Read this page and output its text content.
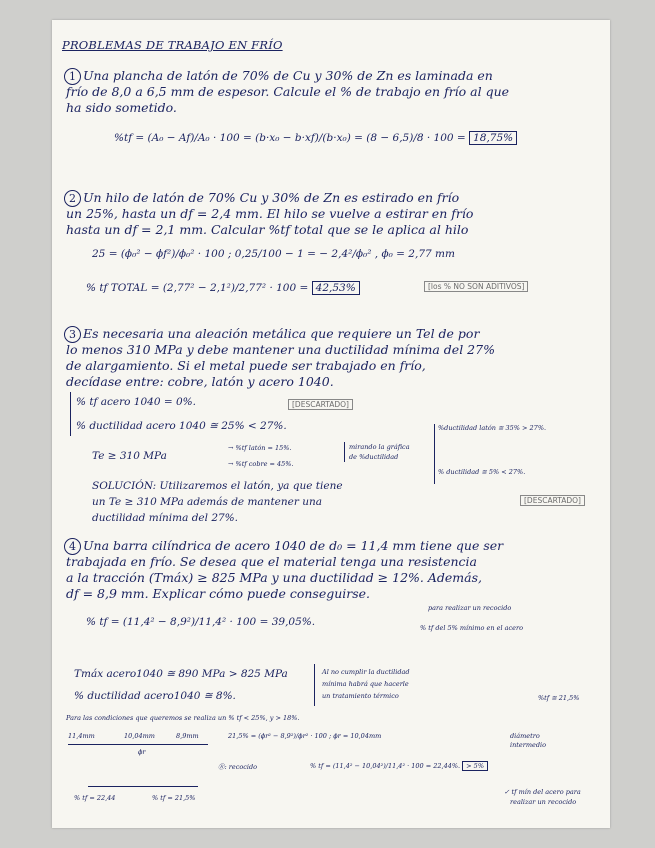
PROBLEMAS DE TRABAJO EN FRÍO
1 Una plancha de latón de 70% de Cu y 30% de Zn es laminada en
frío de 8,0 a 6,5 mm de espesor. Calcule el % de trabajo en frío al que
ha sido sometido.
%tf = (A₀ − Af)/A₀ · 100 = (b·x₀ − b·xf)/(b·x₀) = (8 − 6,5)/8 · 100 = 18,75%
2 Un hilo de latón de 70% Cu y 30% de Zn es estirado en frío
un 25%, hasta un df = 2,4 mm. El hilo se vuelve a estirar en frío
hasta un df = 2,1 mm. Calcular %tf total que se le aplica al hilo
25 = (ϕ₀² − ϕf²)/ϕ₀² · 100 ; 0,25/100 − 1 = − 2,4²/ϕ₀² , ϕ₀ = 2,77 mm
% tf TOTAL = (2,77² − 2,1²)/2,77² · 100 = 42,53%	[los % NO SON ADITIVOS]
3 Es necesaria una aleación metálica que requiere un Tel de por
lo menos 310 MPa y debe mantener una ductilidad mínima del 27%
de alargamiento. Si el metal puede ser trabajado en frío,
decídase entre: cobre, latón y acero 1040.
% tf acero 1040 = 0%.	[DESCARTADO]
% ductilidad acero 1040 ≅ 25% < 27%.
Te ≥ 310 MPa
→ %tf latón = 15%.
→ %tf cobre = 45%.
mirando la gráfica de %ductilidad
%ductilidad latón ≅ 35% > 27%.
% ductilidad ≅ 5% < 27%.
SOLUCIÓN: Utilizaremos el latón, ya que tiene
un Te ≥ 310 MPa además de mantener una
ductilidad mínima del 27%.
[DESCARTADO]
4 Una barra cilíndrica de acero 1040 de d₀ = 11,4 mm tiene que ser
trabajada en frío. Se desea que el material tenga una resistencia
a la tracción (Tmáx) ≥ 825 MPa y una ductilidad ≥ 12%. Además,
df = 8,9 mm. Explicar cómo puede conseguirse.
% tf = (11,4² − 8,9²)/11,4² · 100 = 39,05%.
para realizar un recocido
% tf del 5% mínimo en el acero
Tmáx acero1040 ≅ 890 MPa > 825 MPa
% ductilidad acero1040 ≅ 8%.
Al no cumplir la ductilidad
mínima habrá que hacerle
un tratamiento térmico	%tf ≅ 21,5%
Para las condiciones que queremos se realiza un % tf < 25%, y > 18%.
11,4mm	10,04mm	8,9mm
ϕr
21,5% = (ϕr² − 8,9²)/ϕr² · 100 ; ϕr = 10,04mm	diámetro intermedio
Ⓡ: recocido	% tf = (11,4² − 10,04²)/11,4² · 100 = 22,44%. > 5%
% tf = 22,44	% tf = 21,5%
✓ tf mín del acero para
realizar un recocido
